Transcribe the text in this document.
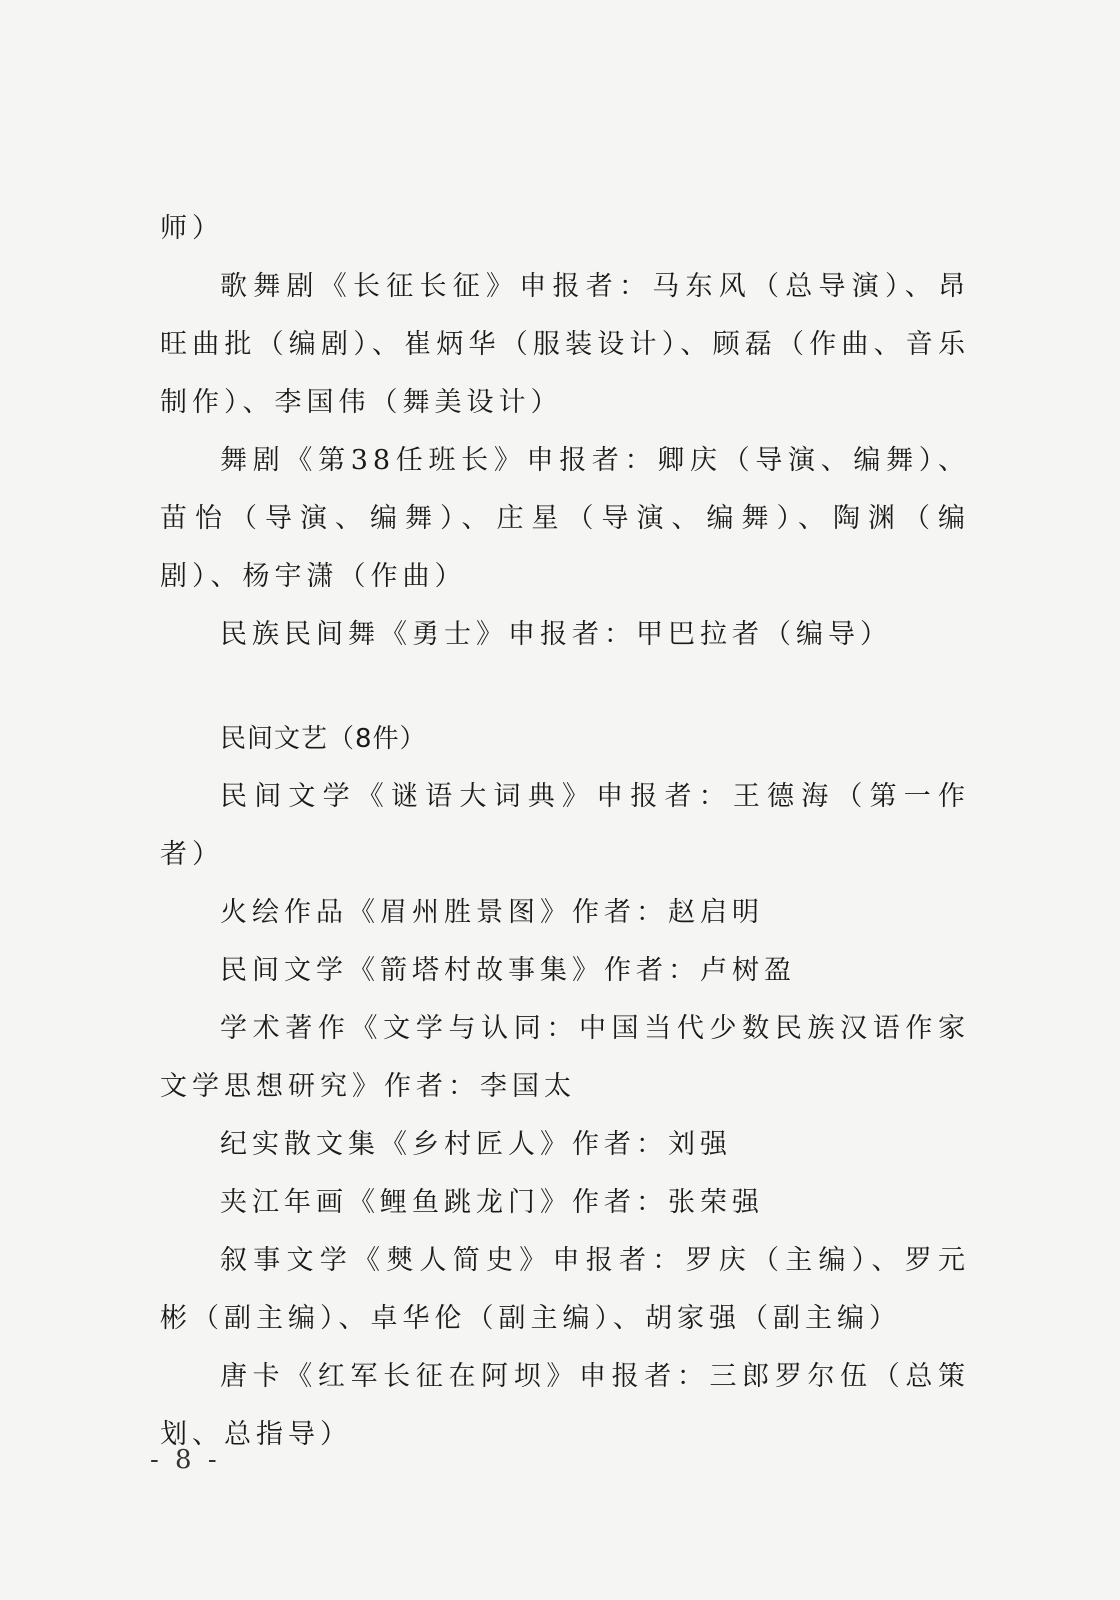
师）

歌舞剧《长征长征》申报者：马东风（总导演）、昂旺曲批（编剧）、崔炳华（服装设计）、顾磊（作曲、音乐制作）、李国伟（舞美设计）

舞剧《第38任班长》申报者：卿庆（导演、编舞）、苗怡（导演、编舞）、庄星（导演、编舞）、陶渊（编剧）、杨宇潇（作曲）

民族民间舞《勇士》申报者：甲巴拉者（编导）

民间文艺（8件）

民间文学《谜语大词典》申报者：王德海（第一作者）

火绘作品《眉州胜景图》作者：赵启明

民间文学《箭塔村故事集》作者：卢树盈

学术著作《文学与认同：中国当代少数民族汉语作家文学思想研究》作者：李国太

纪实散文集《乡村匠人》作者：刘强

夹江年画《鲤鱼跳龙门》作者：张荣强

叙事文学《僰人简史》申报者：罗庆（主编）、罗元彬（副主编）、卓华伦（副主编）、胡家强（副主编）

唐卡《红军长征在阿坝》申报者：三郎罗尔伍（总策划、总指导）

- 8 -
